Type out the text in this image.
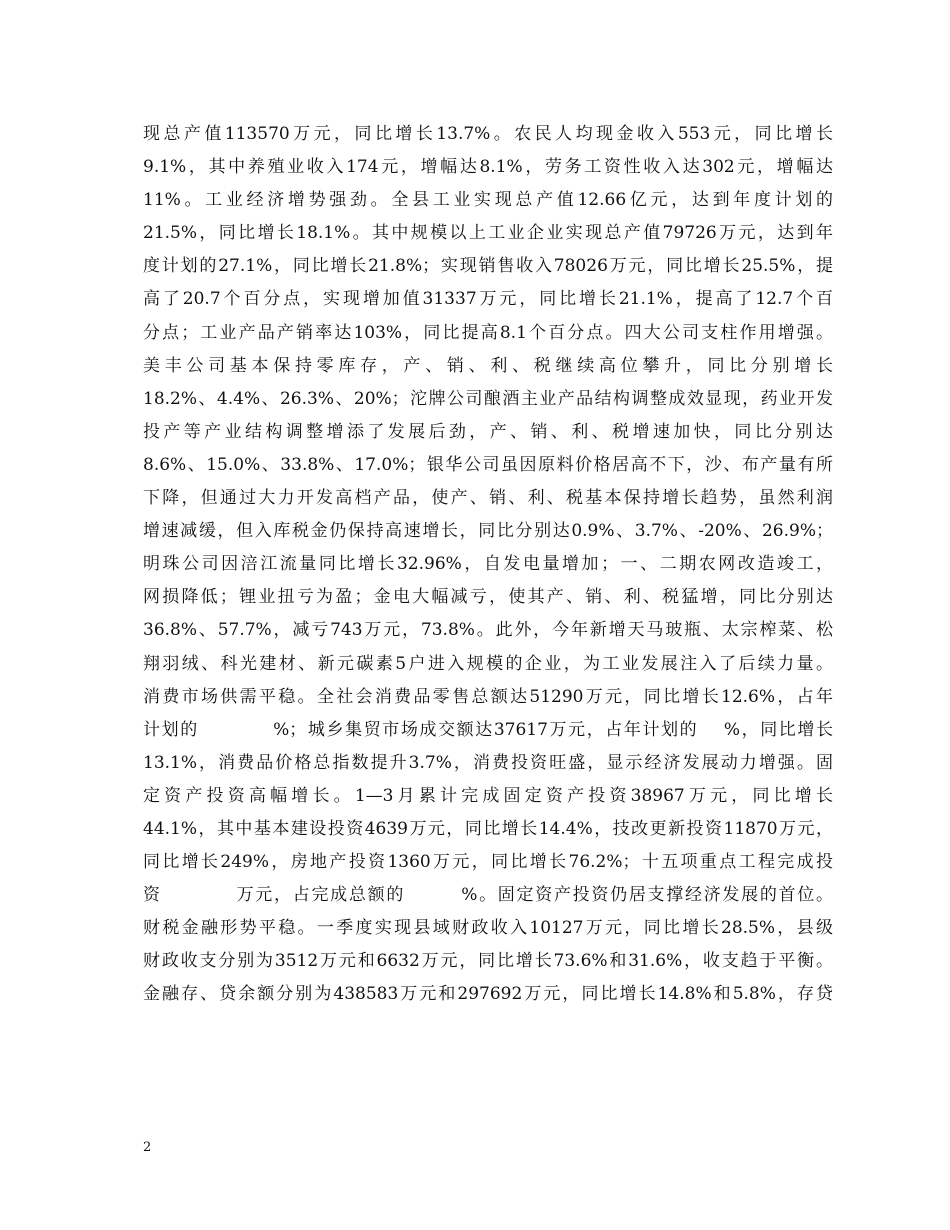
现总产值113570万元，同比增长13.7%。农民人均现金收入553元，同比增长
9.1%，其中养殖业收入174元，增幅达8.1%，劳务工资性收入达302元，增幅达
11%。工业经济增势强劲。全县工业实现总产值12.66亿元，达到年度计划的
21.5%，同比增长18.1%。其中规模以上工业企业实现总产值79726万元，达到年
度计划的27.1%，同比增长21.8%；实现销售收入78026万元，同比增长25.5%，提
高了20.7个百分点，实现增加值31337万元，同比增长21.1%，提高了12.7个百
分点；工业产品产销率达103%，同比提高8.1个百分点。四大公司支柱作用增强。
美丰公司基本保持零库存，产、销、利、税继续高位攀升，同比分别增长
18.2%、4.4%、26.3%、20%；沱牌公司酿酒主业产品结构调整成效显现，药业开发
投产等产业结构调整增添了发展后劲，产、销、利、税增速加快，同比分别达
8.6%、15.0%、33.8%、17.0%；银华公司虽因原料价格居高不下，沙、布产量有所
下降，但通过大力开发高档产品，使产、销、利、税基本保持增长趋势，虽然利润
增速减缓，但入库税金仍保持高速增长，同比分别达0.9%、3.7%、-20%、26.9%；
明珠公司因涪江流量同比增长32.96%，自发电量增加；一、二期农网改造竣工，
网损降低；锂业扭亏为盈；金电大幅减亏，使其产、销、利、税猛增，同比分别达
36.8%、57.7%，减亏743万元，73.8%。此外，今年新增天马玻瓶、太宗榨菜、松
翔羽绒、科光建材、新元碳素5户进入规模的企业，为工业发展注入了后续力量。
消费市场供需平稳。全社会消费品零售总额达51290万元，同比增长12.6%，占年
计划的　　　　%；城乡集贸市场成交额达37617万元，占年计划的　 %，同比增长
13.1%，消费品价格总指数提升3.7%，消费投资旺盛，显示经济发展动力增强。固
定资产投资高幅增长。1—3月累计完成固定资产投资38967万元，同比增长
44.1%，其中基本建设投资4639万元，同比增长14.4%，技改更新投资11870万元，
同比增长249%，房地产投资1360万元，同比增长76.2%；十五项重点工程完成投
资　　　　万元，占完成总额的　　　%。固定资产投资仍居支撑经济发展的首位。
财税金融形势平稳。一季度实现县域财政收入10127万元，同比增长28.5%，县级
财政收支分别为3512万元和6632万元，同比增长73.6%和31.6%，收支趋于平衡。
金融存、贷余额分别为438583万元和297692万元，同比增长14.8%和5.8%，存贷
2
